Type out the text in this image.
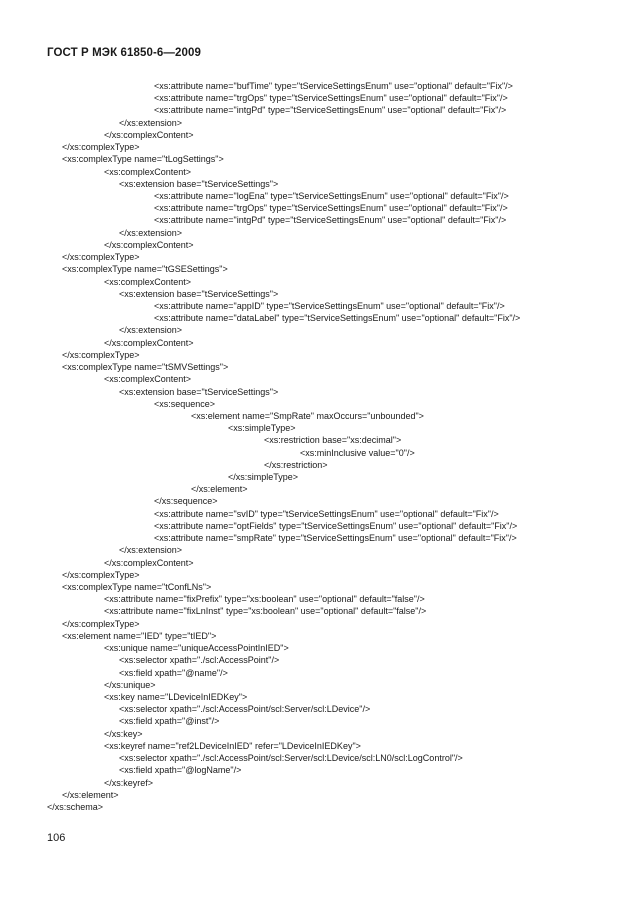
ГОСТ Р МЭК 61850-6—2009
<xs:attribute name="bufTime" type="tServiceSettingsEnum" use="optional" default="Fix"/>
<xs:attribute name="trgOps" type="tServiceSettingsEnum" use="optional" default="Fix"/>
<xs:attribute name="intgPd" type="tServiceSettingsEnum" use="optional" default="Fix"/>
</xs:extension>
</xs:complexContent>
</xs:complexType>
<xs:complexType name="tLogSettings">
<xs:complexContent>
<xs:extension base="tServiceSettings">
<xs:attribute name="logEna" type="tServiceSettingsEnum" use="optional" default="Fix"/>
<xs:attribute name="trgOps" type="tServiceSettingsEnum" use="optional" default="Fix"/>
<xs:attribute name="intgPd" type="tServiceSettingsEnum" use="optional" default="Fix"/>
</xs:extension>
</xs:complexContent>
</xs:complexType>
<xs:complexType name="tGSESettings">
<xs:complexContent>
<xs:extension base="tServiceSettings">
<xs:attribute name="appID" type="tServiceSettingsEnum" use="optional" default="Fix"/>
<xs:attribute name="dataLabel" type="tServiceSettingsEnum" use="optional" default="Fix"/>
</xs:extension>
</xs:complexContent>
</xs:complexType>
<xs:complexType name="tSMVSettings">
<xs:complexContent>
<xs:extension base="tServiceSettings">
<xs:sequence>
<xs:element name="SmpRate" maxOccurs="unbounded">
<xs:simpleType>
<xs:restriction base="xs:decimal">
<xs:minInclusive value="0"/>
</xs:restriction>
</xs:simpleType>
</xs:element>
</xs:sequence>
<xs:attribute name="svID" type="tServiceSettingsEnum" use="optional" default="Fix"/>
<xs:attribute name="optFields" type="tServiceSettingsEnum" use="optional" default="Fix"/>
<xs:attribute name="smpRate" type="tServiceSettingsEnum" use="optional" default="Fix"/>
</xs:extension>
</xs:complexContent>
</xs:complexType>
<xs:complexType name="tConfLNs">
<xs:attribute name="fixPrefix" type="xs:boolean" use="optional" default="false"/>
<xs:attribute name="fixLnInst" type="xs:boolean" use="optional" default="false"/>
</xs:complexType>
<xs:element name="IED" type="tIED">
<xs:unique name="uniqueAccessPointInIED">
<xs:selector xpath="./scl:AccessPoint"/>
<xs:field xpath="@name"/>
</xs:unique>
<xs:key name="LDeviceInIEDKey">
<xs:selector xpath="./scl:AccessPoint/scl:Server/scl:LDevice"/>
<xs:field xpath="@inst"/>
</xs:key>
<xs:keyref name="ref2LDeviceInIED" refer="LDeviceInIEDKey">
<xs:selector xpath="./scl:AccessPoint/scl:Server/scl:LDevice/scl:LN0/scl:LogControl"/>
<xs:field xpath="@logName"/>
</xs:keyref>
</xs:element>
</xs:schema>
106
